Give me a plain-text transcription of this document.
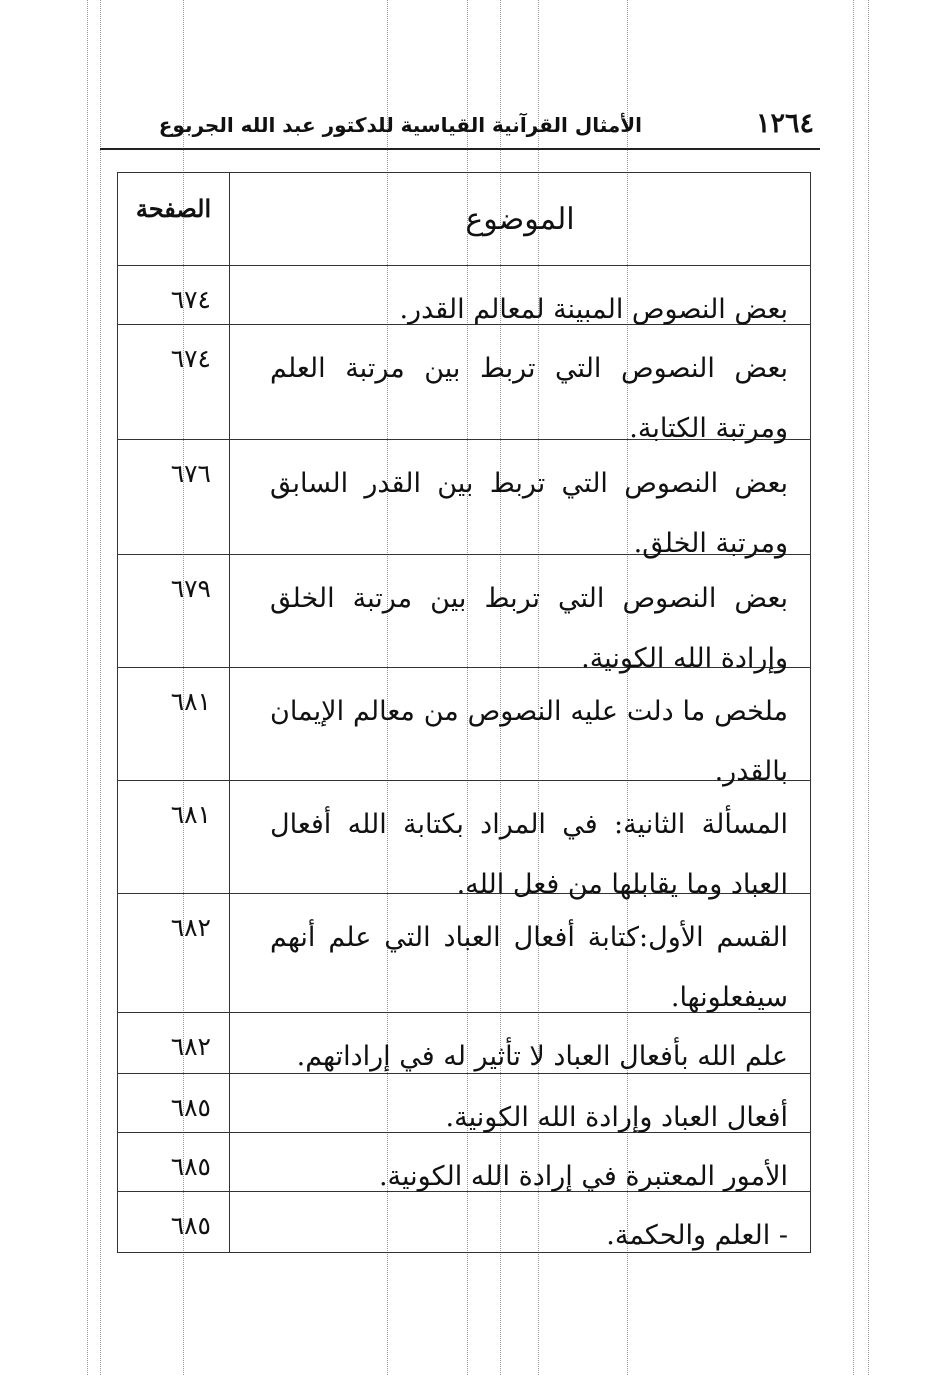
١٢٦٤
الأمثال القرآنية القياسية للدكتور عبد الله الجربوع
الموضوع
الصفحة
بعض النصوص المبينة لمعالم القدر.
٦٧٤
بعض النصوص التي تربط بين مرتبة العلم ومرتبة الكتابة.
٦٧٤
بعض النصوص التي تربط بين القدر السابق ومرتبة الخلق.
٦٧٦
بعض النصوص التي تربط بين مرتبة الخلق وإرادة الله الكونية.
٦٧٩
ملخص ما دلت عليه النصوص من معالم الإيمان بالقدر.
٦٨١
المسألة الثانية: في المراد بكتابة الله أفعال العباد وما يقابلها من فعل الله.
٦٨١
القسم الأول:كتابة أفعال العباد التي علم أنهم سيفعلونها.
٦٨٢
علم الله بأفعال العباد لا تأثير له في إراداتهم.
٦٨٢
أفعال العباد وإرادة الله الكونية.
٦٨٥
الأمور المعتبرة في إرادة الله الكونية.
٦٨٥
- العلم والحكمة.
٦٨٥
